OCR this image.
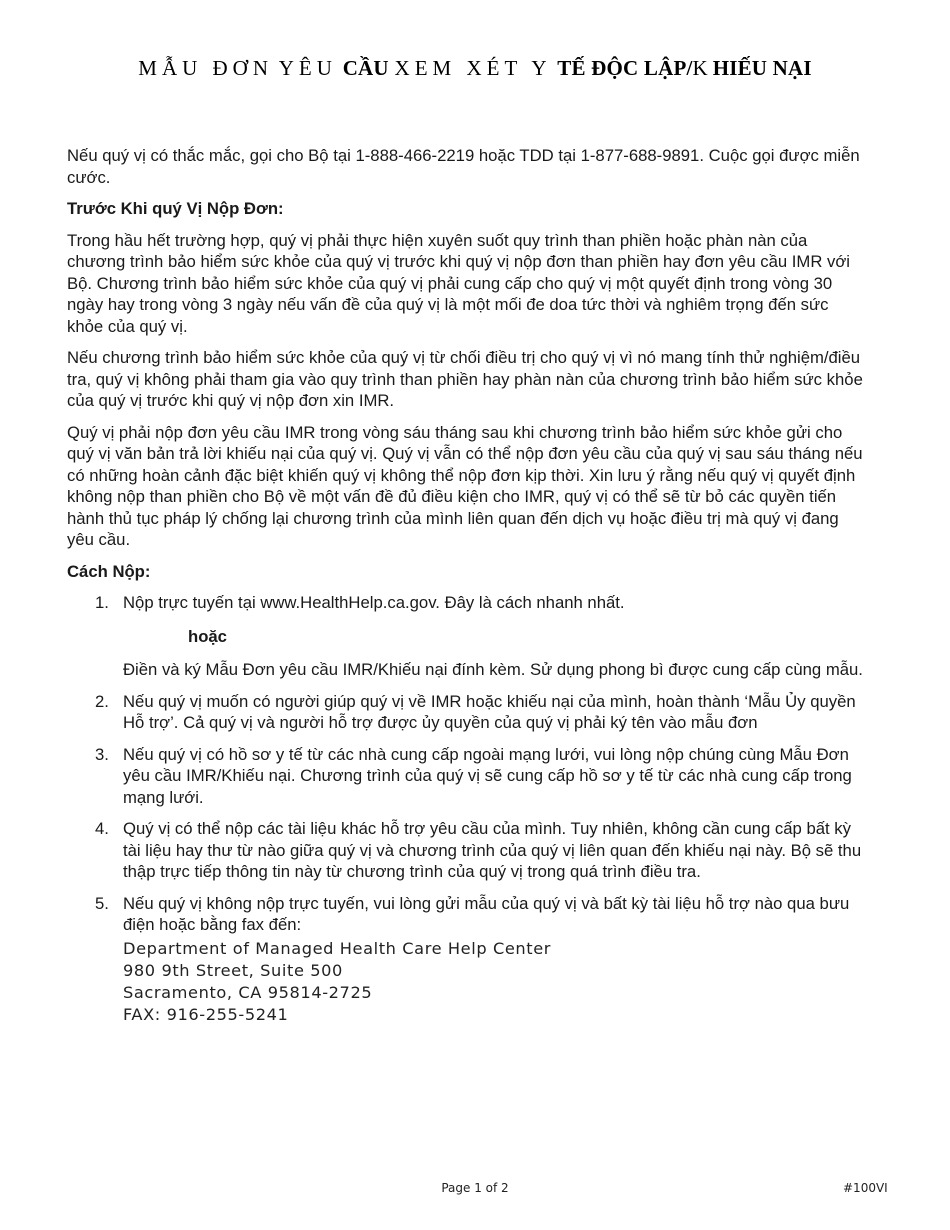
MẪU ĐƠN YÊU CẦU XEM XÉT Y TẾ ĐỘC LẬP/KHIẾU NẠI

Nếu quý vị có thắc mắc, gọi cho Bộ tại 1-888-466-2219 hoặc TDD tại 1-877-688-9891. Cuộc gọi được miễn cước.

Trước Khi quý Vị Nộp Đơn:

Trong hầu hết trường hợp, quý vị phải thực hiện xuyên suốt quy trình than phiền hoặc phàn nàn của chương trình bảo hiểm sức khỏe của quý vị trước khi quý vị nộp đơn than phiền hay đơn yêu cầu IMR với Bộ. Chương trình bảo hiểm sức khỏe của quý vị phải cung cấp cho quý vị một quyết định trong vòng 30 ngày hay trong vòng 3 ngày nếu vấn đề của quý vị là một mối đe doa tức thời và nghiêm trọng đến sức khỏe của quý vị.

Nếu chương trình bảo hiểm sức khỏe của quý vị từ chối điều trị cho quý vị vì nó mang tính thử nghiệm/điều tra, quý vị không phải tham gia vào quy trình than phiền hay phàn nàn của chương trình bảo hiểm sức khỏe của quý vị trước khi quý vị nộp đơn xin IMR.

Quý vị phải nộp đơn yêu cầu IMR trong vòng sáu tháng sau khi chương trình bảo hiểm sức khỏe gửi cho quý vị văn bản trả lời khiếu nại của quý vị. Quý vị vẫn có thể nộp đơn yêu cầu của quý vị sau sáu tháng nếu có những hoàn cảnh đặc biệt khiến quý vị không thể nộp đơn kịp thời. Xin lưu ý rằng nếu quý vị quyết định không nộp than phiền cho Bộ về một vấn đề đủ điều kiện cho IMR, quý vị có thể sẽ từ bỏ các quyền tiến hành thủ tục pháp lý chống lại chương trình của mình liên quan đến dịch vụ hoặc điều trị mà quý vị đang yêu cầu.

Cách Nộp:

1. Nộp trực tuyến tại www.HealthHelp.ca.gov. Đây là cách nhanh nhất.
hoặc
Điền và ký Mẫu Đơn yêu cầu IMR/Khiếu nại đính kèm. Sử dụng phong bì được cung cấp cùng mẫu.
2. Nếu quý vị muốn có người giúp quý vị về IMR hoặc khiếu nại của mình, hoàn thành ‘Mẫu Ủy quyền Hỗ trợ’. Cả quý vị và người hỗ trợ được ủy quyền của quý vị phải ký tên vào mẫu đơn
3. Nếu quý vị có hồ sơ y tế từ các nhà cung cấp ngoài mạng lưới, vui lòng nộp chúng cùng Mẫu Đơn yêu cầu IMR/Khiếu nại. Chương trình của quý vị sẽ cung cấp hồ sơ y tế từ các nhà cung cấp trong mạng lưới.
4. Quý vị có thể nộp các tài liệu khác hỗ trợ yêu cầu của mình. Tuy nhiên, không cần cung cấp bất kỳ tài liệu hay thư từ nào giữa quý vị và chương trình của quý vị liên quan đến khiếu nại này. Bộ sẽ thu thập trực tiếp thông tin này từ chương trình của quý vị trong quá trình điều tra.
5. Nếu quý vị không nộp trực tuyến, vui lòng gửi mẫu của quý vị và bất kỳ tài liệu hỗ trợ nào qua bưu điện hoặc bằng fax đến:
Department of Managed Health Care Help Center
980 9th Street, Suite 500
Sacramento, CA 95814-2725
FAX: 916-255-5241
Page 1 of 2	#100VI
